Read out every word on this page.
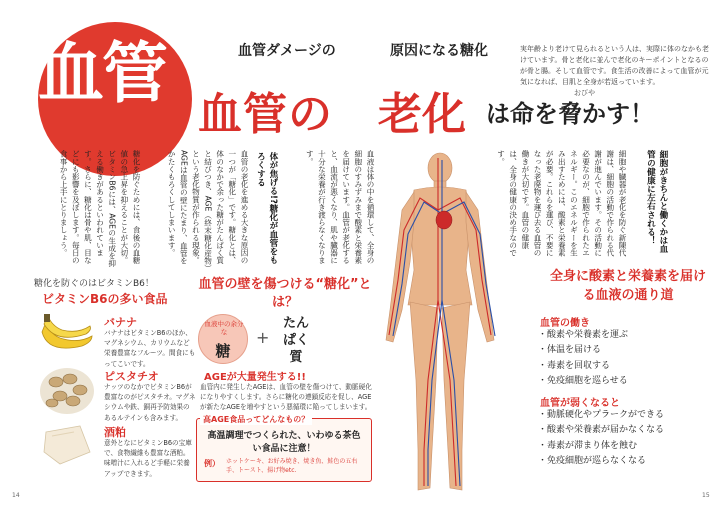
血管	血管ダメージの	原因になる糖化
血管の 老化	おびや
は命を脅かす！
実年齢より老けて見られるという人は、実際に体のなかも老けています。骨と老化に並んで老化のキーポイントとなるのが骨と腸。そして血管です。食生活の改善によって血管が元気になれば、目肌と全身が若返っています。
糖化を防ぐためには、食後の血糖値の急上昇を抑えることが大切。ビタミンB6には、AGEの生成を抑える働きがあるといわれています。さらに、糖化は骨や肌、目などにも影響を及ぼします。毎日の食事から上手にとりましょう。	血管の老化を進める大きな原因の一つが「糖化」です。糖化とは、体のなかで余った糖がたんぱく質と結びつき、AGE（終末糖化産物）という老化物質が作られる現象。AGEは血管の壁にたまり、血管をかたくもろくしてしまいます。	体が焦げる!?糖化が血管をもろくする	血液は体の中を循環して、全身の細胞のすみずみまで酸素と栄養素を届けています。血管が老化すると、血流が悪くなり、肌や臓器に十分な栄養が行き渡らなくなります。	細胞や臓器が老化を防ぐ新陳代謝は、細胞の活動で作られる代謝が進んでいます。その活動に必要なのが、細胞で作られたエネルギー。このエネルギーを生み出すためには、酸素と栄養素が必要。これらを運び、不要になった老廃物を運び去る血管の働きが大切です。血管の健康は、全身の健康の決め手なのです。	細胞がきちんと働くかは血管の健康に左右される！
全身に酸素と栄養素を届ける血液の通り道
血管の働き
・ 酸素や栄養素を運ぶ
・ 体温を届ける
・ 毒素を回収する
・ 免疫細胞を巡らせる
血管が弱くなると
・ 動脈硬化やプラークができる
・ 酸素や栄養素が届かなくなる
・ 毒素が滞まり体を蝕む
・ 免疫細胞が巡らなくなる
糖化を防ぐのはビタミンB6！
ビタミンB6の多い食品
バナナ
バナナはビタミンB6のほか、マグネシウム、カリウムなど栄養豊富なフルーツ。間食にもってこいです。
ピスタチオ
ナッツのなかでビタミンB6が豊富なのがピスタチオ。マグネシウムや鉄、銅再予防効果のあるルテインも含みます。
酒粕
意外となにビタミンB6の宝庫で、食物繊維も豊富な酒粕。味噌汁に入れるど手軽に栄養アップできます。
血管の壁を傷つける“糖化”とは？
血液中の余分な
糖
+
たんぱく質
AGEが大量発生する!!
血管内に発生したAGEは、血管の壁を傷つけて、動脈硬化になりやすくします。さらに糖化の連鎖反応を促し、AGEが新たなAGEを増やすという悪循環に陥ってしまいます。
高AGE食品ってどんなもの？
高温調理でつくられた、いわゆる茶色い食品に注意！
例） ホットケーキ、お好み焼き、焼き魚、鮭色の五右手、トースト、揚げ物etc.
14	15
